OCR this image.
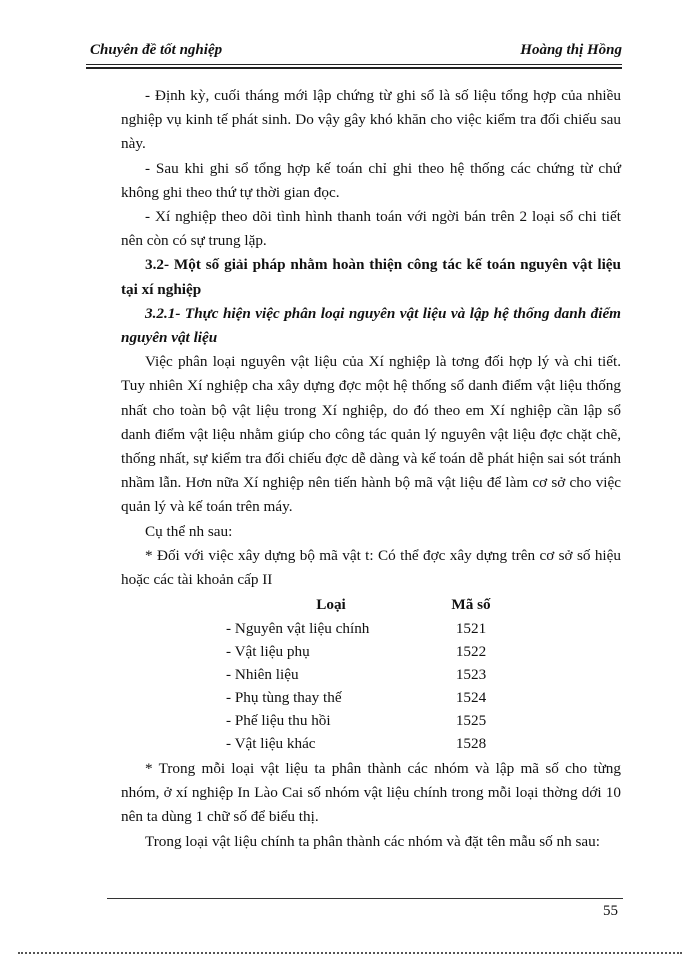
Chuyên đề tốt nghiệp	Hoàng thị Hồng

- Định kỳ, cuối tháng mới lập chứng từ ghi sổ là số liệu tổng hợp của nhiều nghiệp vụ kinh tế phát sinh. Do vậy gây khó khăn cho việc kiểm tra đối chiếu sau này.

- Sau khi ghi sổ tổng hợp kế toán chỉ ghi theo hệ thống các chứng từ chứ không ghi theo thứ tự thời gian đọc.

- Xí nghiệp theo dõi tình hình thanh toán với ngời bán trên 2 loại sổ chi tiết nên còn có sự trung lặp.

3.2- Một số giải pháp nhằm hoàn thiện công tác kế toán nguyên vật liệu tại xí nghiệp

3.2.1- Thực hiện việc phân loại nguyên vật liệu và lập hệ thống danh điểm nguyên vật liệu

Việc phân loại nguyên vật liệu của Xí nghiệp là tơng đối hợp lý và chi tiết. Tuy nhiên Xí nghiệp cha xây dựng đợc một hệ thống sổ danh điểm vật liệu thống nhất cho toàn bộ vật liệu trong Xí nghiệp, do đó theo em Xí nghiệp cần lập sổ danh điểm vật liệu nhằm giúp cho công tác quản lý nguyên vật liệu đợc chặt chẽ, thống nhất, sự kiểm tra đối chiếu đợc dễ dàng và kế toán dễ phát hiện sai sót tránh nhầm lẫn. Hơn nữa Xí nghiệp nên tiến hành bộ mã vật liệu để làm cơ sở cho việc quản lý và kế toán trên máy.

Cụ thể nh sau:

* Đối với việc xây dựng bộ mã vật t: Có thể đợc xây dựng trên cơ sở số hiệu hoặc các tài khoản cấp II

Loại	Mã số
- Nguyên vật liệu chính	1521
- Vật liệu phụ	1522
- Nhiên liệu	1523
- Phụ tùng thay thế	1524
- Phế liệu thu hồi	1525
- Vật liệu khác	1528

* Trong mỗi loại vật liệu ta phân thành các nhóm và lập mã số cho từng nhóm, ở xí nghiệp In Lào Cai số nhóm vật liệu chính trong mỗi loại thờng dới 10 nên ta dùng 1 chữ số để biểu thị.

Trong loại vật liệu chính ta phân thành các nhóm và đặt tên mẫu số nh sau:

55
